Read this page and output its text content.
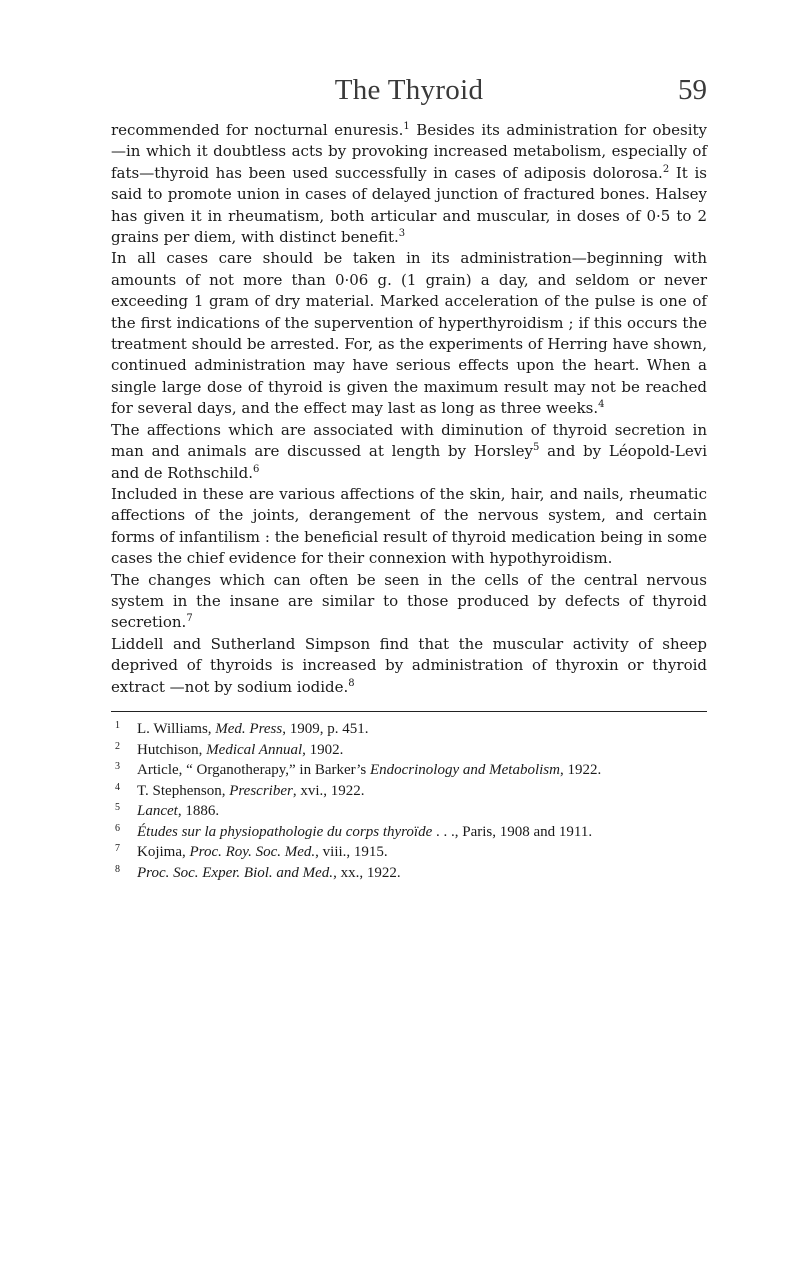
The Thyroid	59

recommended for nocturnal enuresis.$^1$ Besides its administration for obesity—in which it doubtless acts by provoking increased metabolism, especially of fats—thyroid has been used successfully in cases of adiposis dolorosa.$^2$ It is said to promote union in cases of delayed junction of fractured bones. Halsey has given it in rheumatism, both articular and muscular, in doses of 0·5 to 2 grains per diem, with distinct benefit.$^3$

In all cases care should be taken in its administration—beginning with amounts of not more than 0·06 g. (1 grain) a day, and seldom or never exceeding 1 gram of dry material. Marked acceleration of the pulse is one of the first indications of the supervention of hyperthyroidism ; if this occurs the treatment should be arrested. For, as the experiments of Herring have shown, continued administration may have serious effects upon the heart. When a single large dose of thyroid is given the maximum result may not be reached for several days, and the effect may last as long as three weeks.$^4$

The affections which are associated with diminution of thyroid secretion in man and animals are discussed at length by Horsley$^5$ and by Léopold-Levi and de Rothschild.$^6$

Included in these are various affections of the skin, hair, and nails, rheumatic affections of the joints, derangement of the nervous system, and certain forms of infantilism : the beneficial result of thyroid medication being in some cases the chief evidence for their connexion with hypothyroidism.

The changes which can often be seen in the cells of the central nervous system in the insane are similar to those produced by defects of thyroid secretion.$^7$

Liddell and Sutherland Simpson find that the muscular activity of sheep deprived of thyroids is increased by administration of thyroxin or thyroid extract —not by sodium iodide.$^8$

1 L. Williams, Med. Press, 1909, p. 451.
2 Hutchison, Medical Annual, 1902.
3 Article, “ Organotherapy,” in Barker’s Endocrinology and Metabolism, 1922.
4 T. Stephenson, Prescriber, xvi., 1922.
5 Lancet, 1886.
6 Études sur la physiopathologie du corps thyroïde . . ., Paris, 1908 and 1911.
7 Kojima, Proc. Roy. Soc. Med., viii., 1915.
8 Proc. Soc. Exper. Biol. and Med., xx., 1922.
